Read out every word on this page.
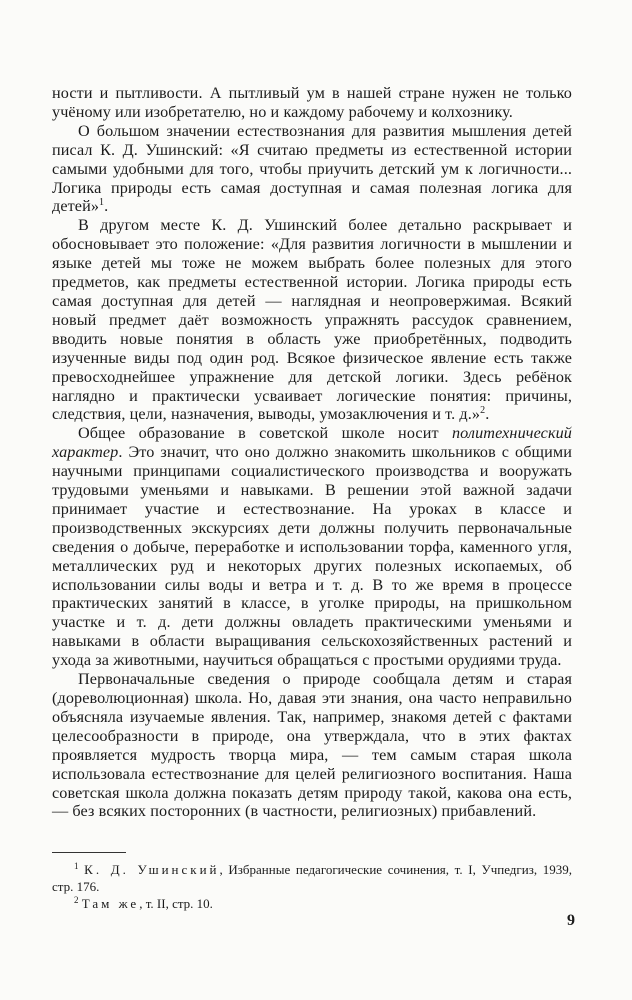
ности и пытливости. А пытливый ум в нашей стране нужен не только учёному или изобретателю, но и каждому рабочему и колхознику.

О большом значении естествознания для развития мышления детей писал К. Д. Ушинский: «Я считаю предметы из естественной истории самыми удобными для того, чтобы приучить детский ум к логичности... Логика природы есть самая доступная и самая полезная логика для детей»$^1$.

В другом месте К. Д. Ушинский более детально раскрывает и обосновывает это положение: «Для развития логичности в мышлении и языке детей мы тоже не можем выбрать более полезных для этого предметов, как предметы естественной истории. Логика природы есть самая доступная для детей — наглядная и неопровержимая. Всякий новый предмет даёт возможность упражнять рассудок сравнением, вводить новые понятия в область уже приобретённых, подводить изученные виды под один род. Всякое физическое явление есть также превосходнейшее упражнение для детской логики. Здесь ребёнок наглядно и практически усваивает логические понятия: причины, следствия, цели, назначения, выводы, умозаключения и т. д.»$^2$.

Общее образование в советской школе носит политехнический характер. Это значит, что оно должно знакомить школьников с общими научными принципами социалистического производства и вооружать трудовыми уменьями и навыками. В решении этой важной задачи принимает участие и естествознание. На уроках в классе и производственных экскурсиях дети должны получить первоначальные сведения о добыче, переработке и использовании торфа, каменного угля, металлических руд и некоторых других полезных ископаемых, об использовании силы воды и ветра и т. д. В то же время в процессе практических занятий в классе, в уголке природы, на пришкольном участке и т. д. дети должны овладеть практическими уменьями и навыками в области выращивания сельскохозяйственных растений и ухода за животными, научиться обращаться с простыми орудиями труда.

Первоначальные сведения о природе сообщала детям и старая (дореволюционная) школа. Но, давая эти знания, она часто неправильно объясняла изучаемые явления. Так, например, знакомя детей с фактами целесообразности в природе, она утверждала, что в этих фактах проявляется мудрость творца мира, — тем самым старая школа использовала естествознание для целей религиозного воспитания. Наша советская школа должна показать детям природу такой, какова она есть,— без всяких посторонних (в частности, религиозных) прибавлений.

$^1$ К. Д. Ушинский, Избранные педагогические сочинения, т. I, Учпедгиз, 1939, стр. 176.

$^2$ Там же, т. II, стр. 10.

9
